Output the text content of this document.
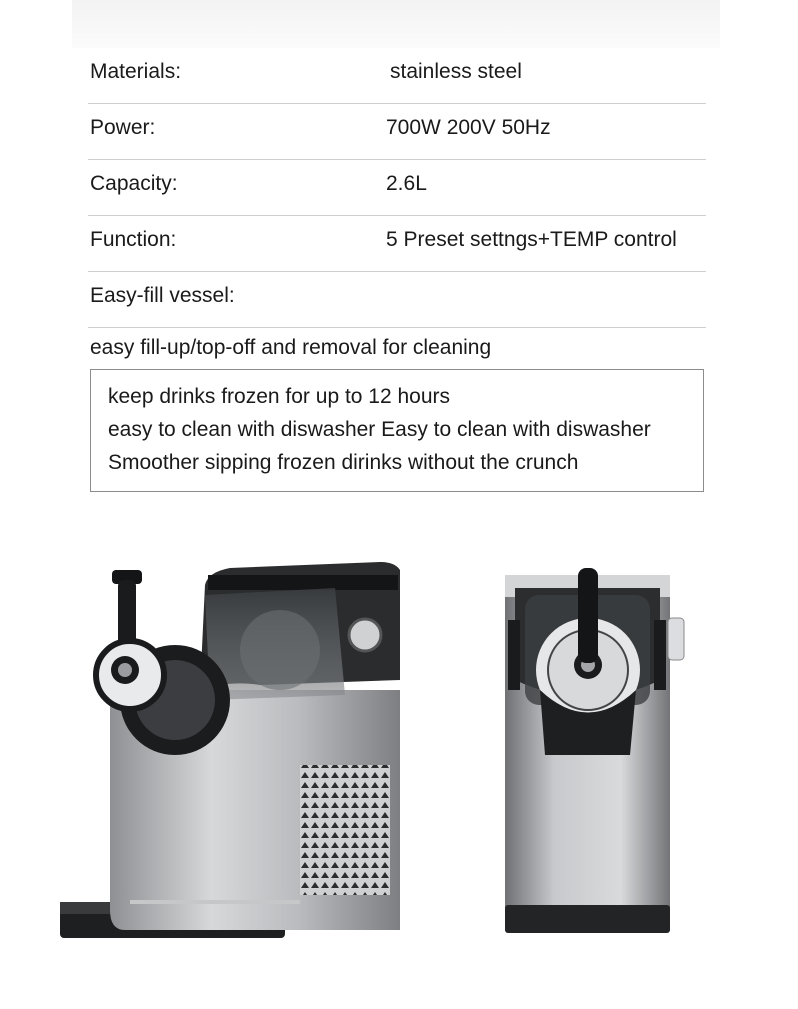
Materials:	stainless steel
Power:	700W 200V 50Hz
Capacity:	2.6L
Function:	5 Preset settngs+TEMP control
Easy-fill vessel:
easy fill-up/top-off and removal for cleaning
keep drinks frozen for up to 12 hours
easy to clean with diswasher Easy to clean with diswasher
Smoother sipping frozen dirinks without the crunch
